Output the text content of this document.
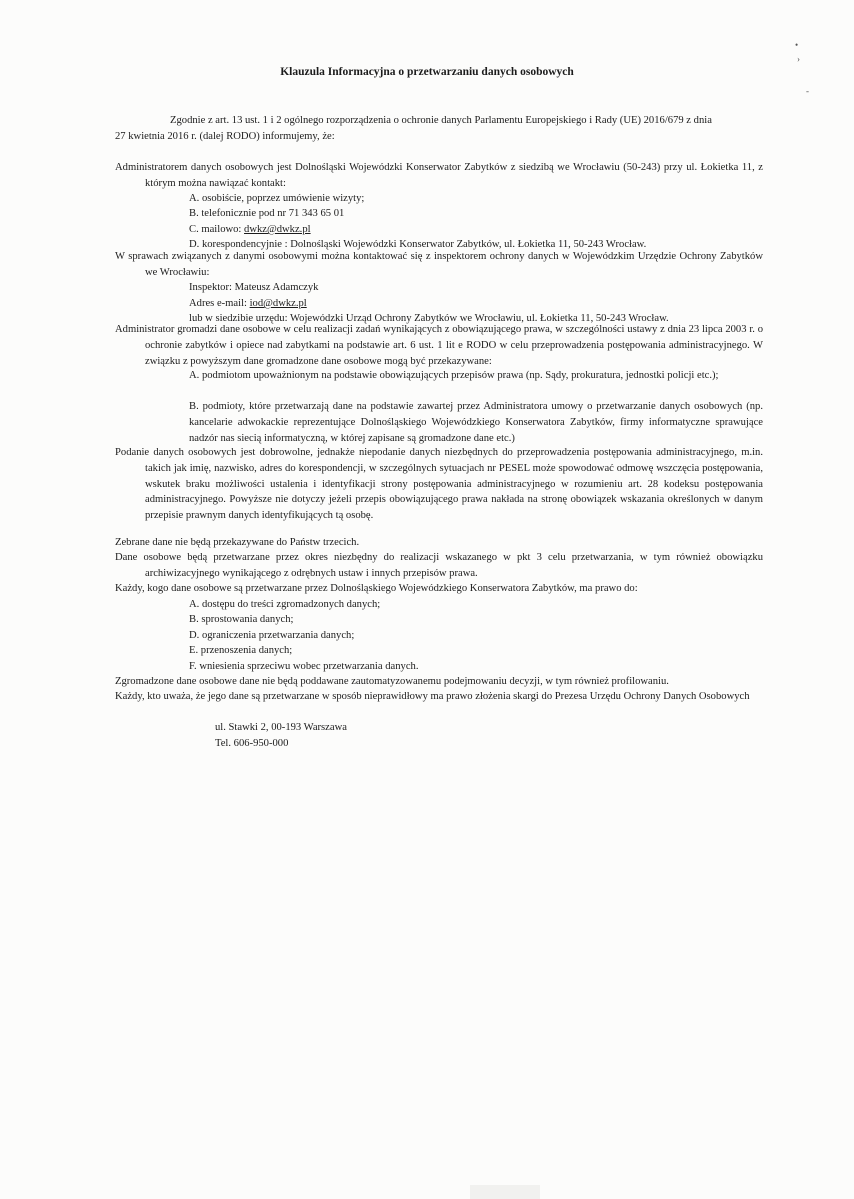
Klauzula Informacyjna o przetwarzaniu danych osobowych
Zgodnie z art. 13 ust. 1 i 2 ogólnego rozporządzenia o ochronie danych Parlamentu Europejskiego i Rady (UE) 2016/679 z dnia
27 kwietnia 2016 r. (dalej RODO) informujemy, że:
Administratorem danych osobowych jest Dolnośląski Wojewódzki Konserwator Zabytków z siedzibą we Wrocławiu (50-243) przy ul. Łokietka 11, z którym można nawiązać kontakt:
A. osobiście, poprzez umówienie wizyty;
B. telefonicznie pod nr 71 343 65 01
C. mailowo: dwkz@dwkz.pl
D. korespondencyjnie : Dolnośląski Wojewódzki Konserwator Zabytków, ul. Łokietka 11, 50-243 Wrocław.
W sprawach związanych z danymi osobowymi można kontaktować się z inspektorem ochrony danych w Wojewódzkim Urzędzie Ochrony Zabytków we Wrocławiu:
Inspektor: Mateusz Adamczyk
Adres e-mail: iod@dwkz.pl
lub w siedzibie urzędu: Wojewódzki Urząd Ochrony Zabytków we Wrocławiu, ul. Łokietka 11, 50-243 Wrocław.
Administrator gromadzi dane osobowe w celu realizacji zadań wynikających z obowiązującego prawa, w szczególności ustawy z dnia 23 lipca 2003 r. o ochronie zabytków i opiece nad zabytkami na podstawie art. 6 ust. 1 lit e RODO w celu przeprowadzenia postępowania administracyjnego. W związku z powyższym dane gromadzone dane osobowe mogą być przekazywane:
A. podmiotom upoważnionym na podstawie obowiązujących przepisów prawa (np. Sądy, prokuratura, jednostki policji etc.);
B. podmioty, które przetwarzają dane na podstawie zawartej przez Administratora umowy o przetwarzanie danych osobowych (np. kancelarie adwokackie reprezentujące Dolnośląskiego Wojewódzkiego Konserwatora Zabytków, firmy informatyczne sprawujące nadzór nas siecią informatyczną, w której zapisane są gromadzone dane etc.)
Podanie danych osobowych jest dobrowolne, jednakże niepodanie danych niezbędnych do przeprowadzenia postępowania administracyjnego, m.in. takich jak imię, nazwisko, adres do korespondencji, w szczególnych sytuacjach nr PESEL może spowodować odmowę wszczęcia postępowania, wskutek braku możliwości ustalenia i identyfikacji strony postępowania administracyjnego w rozumieniu art. 28 kodeksu postępowania administracyjnego. Powyższe nie dotyczy jeżeli przepis obowiązującego prawa nakłada na stronę obowiązek wskazania określonych w danym przepisie prawnym danych identyfikujących tą osobę.
Zebrane dane nie będą przekazywane do Państw trzecich.
Dane osobowe będą przetwarzane przez okres niezbędny do realizacji wskazanego w pkt 3 celu przetwarzania, w tym również obowiązku archiwizacyjnego wynikającego z odrębnych ustaw i innych przepisów prawa.
Każdy, kogo dane osobowe są przetwarzane przez Dolnośląskiego Wojewódzkiego Konserwatora Zabytków, ma prawo do:
A. dostępu do treści zgromadzonych danych;
B. sprostowania danych;
D. ograniczenia przetwarzania danych;
E. przenoszenia danych;
F. wniesienia sprzeciwu wobec przetwarzania danych.
Zgromadzone dane osobowe dane nie będą poddawane zautomatyzowanemu podejmowaniu decyzji, w tym również profilowaniu.
Każdy, kto uważa, że jego dane są przetwarzane w sposób nieprawidłowy ma prawo złożenia skargi do Prezesa Urzędu Ochrony Danych Osobowych
ul. Stawki 2, 00-193 Warszawa
Tel. 606-950-000
•
›
-
